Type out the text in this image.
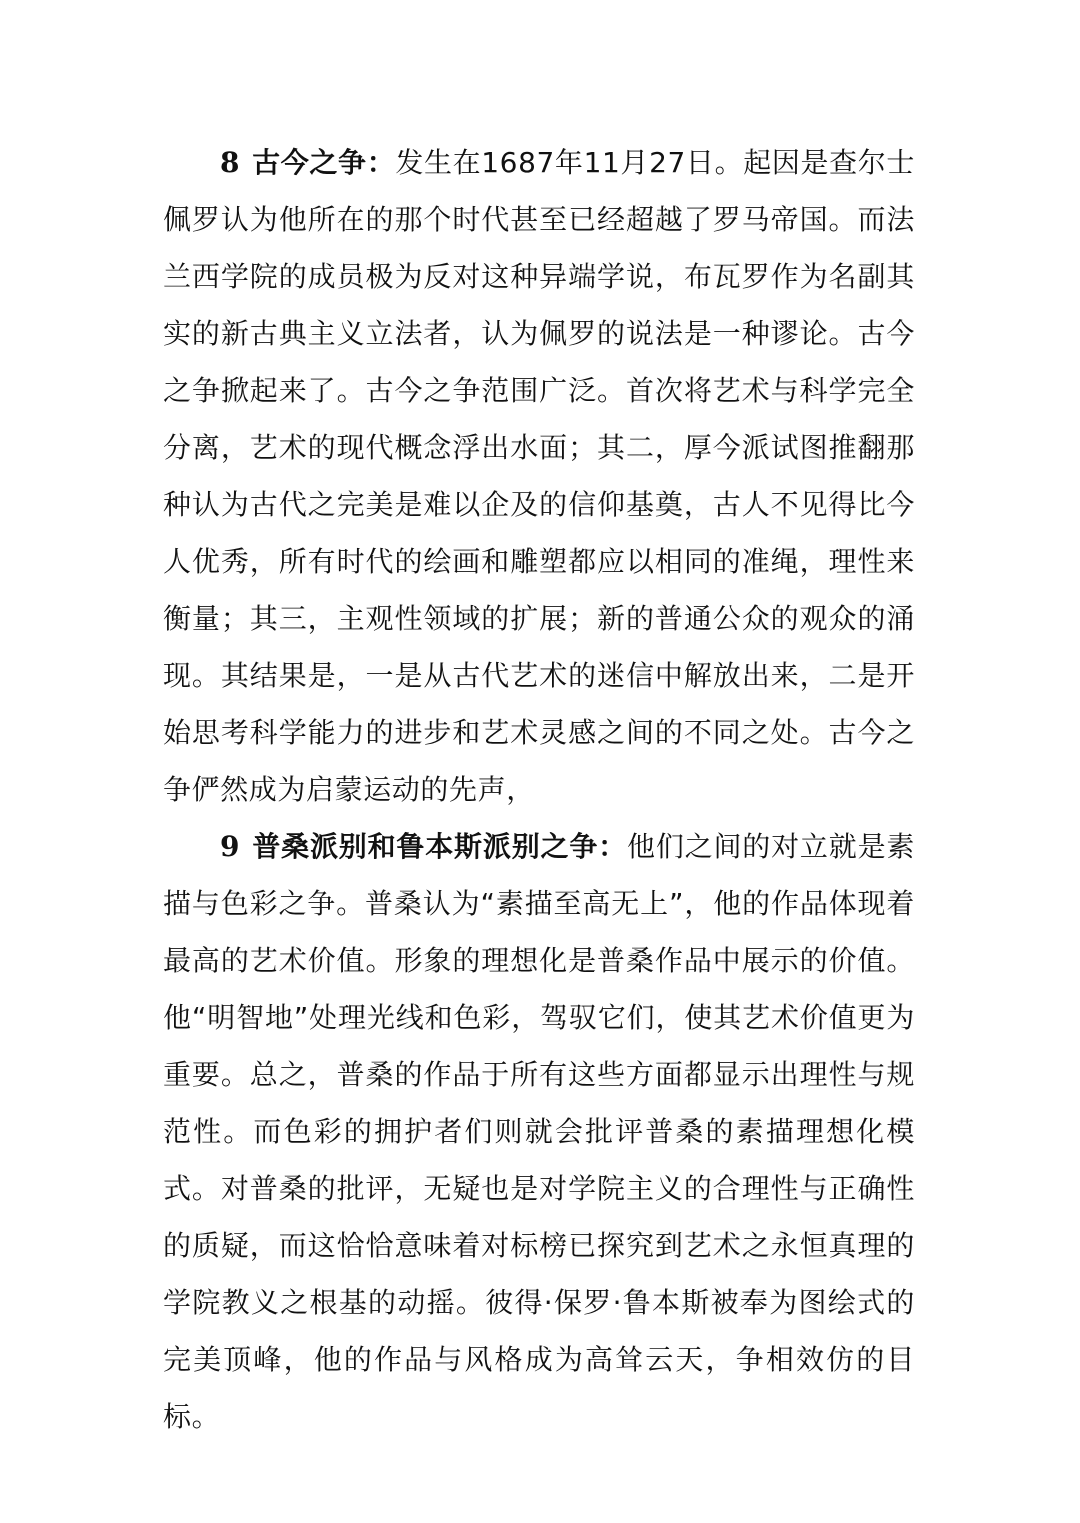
8 古今之争：发生在1687年11月27日。起因是查尔士佩罗认为他所在的那个时代甚至已经超越了罗马帝国。而法兰西学院的成员极为反对这种异端学说，布瓦罗作为名副其实的新古典主义立法者，认为佩罗的说法是一种谬论。古今之争掀起来了。古今之争范围广泛。首次将艺术与科学完全分离，艺术的现代概念浮出水面；其二，厚今派试图推翻那种认为古代之完美是难以企及的信仰基奠，古人不见得比今人优秀，所有时代的绘画和雕塑都应以相同的准绳，理性来衡量；其三，主观性领域的扩展；新的普通公众的观众的涌现。其结果是，一是从古代艺术的迷信中解放出来，二是开始思考科学能力的进步和艺术灵感之间的不同之处。古今之争俨然成为启蒙运动的先声，

9 普桑派别和鲁本斯派别之争：他们之间的对立就是素描与色彩之争。普桑认为“素描至高无上”，他的作品体现着最高的艺术价值。形象的理想化是普桑作品中展示的价值。他“明智地”处理光线和色彩，驾驭它们，使其艺术价值更为重要。总之，普桑的作品于所有这些方面都显示出理性与规范性。而色彩的拥护者们则就会批评普桑的素描理想化模式。对普桑的批评，无疑也是对学院主义的合理性与正确性的质疑，而这恰恰意味着对标榜已探究到艺术之永恒真理的学院教义之根基的动摇。彼得·保罗·鲁本斯被奉为图绘式的完美顶峰，他的作品与风格成为高耸云天，争相效仿的目标。
